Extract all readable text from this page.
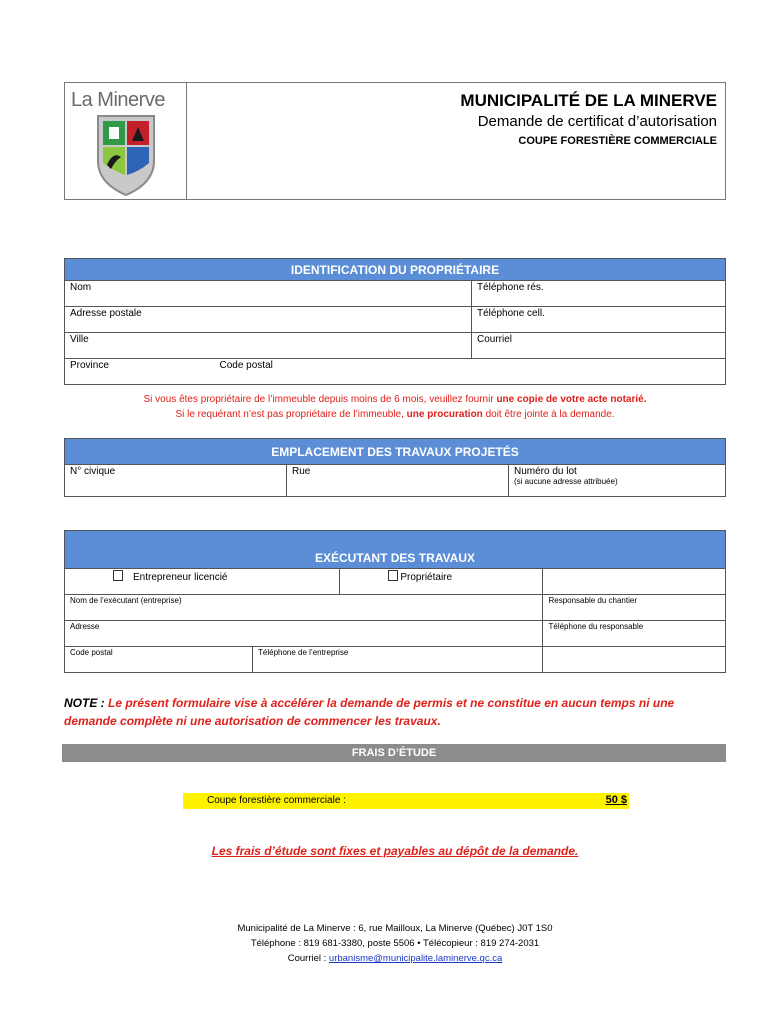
La Minerve	MUNICIPALITÉ DE LA MINERVE
Demande de certificat d’autorisation
COUPE FORESTIÈRE COMMERCIALE
IDENTIFICATION DU PROPRIÉTAIRE		
Nom		Téléphone rés.
Adresse postale		Téléphone cell.
Ville		Courriel
Province	Code postal	
Si vous êtes propriétaire de l’immeuble depuis moins de 6 mois, veuillez fournir une copie de votre acte notarié.
Si le requérant n’est pas propriétaire de l’immeuble, une procuration doit être jointe à la demande.
EMPLACEMENT DES TRAVAUX PROJETÉS
N° civique	Rue	Numéro du lot
(si aucune adresse attribuée)
EXÉCUTANT DES TRAVAUX			
Entrepreneur licencié		Propriétaire	
Nom de l’exécutant (entreprise)			Responsable du chantier
Adresse			Téléphone du responsable
Code postal	Téléphone de l’entreprise		
NOTE : Le présent formulaire vise à accélérer la demande de permis et ne constitue en aucun temps ni une demande complète ni une autorisation de commencer les travaux.
FRAIS D’ÉTUDE
Coupe forestière commerciale :	50 $
Les frais d’étude sont fixes et payables au dépôt de la demande.
Municipalité de La Minerve : 6, rue Mailloux, La Minerve (Québec) J0T 1S0
Téléphone : 819 681-3380, poste 5506 • Télécopieur : 819 274-2031
Courriel : urbanisme@municipalite.laminerve.qc.ca
